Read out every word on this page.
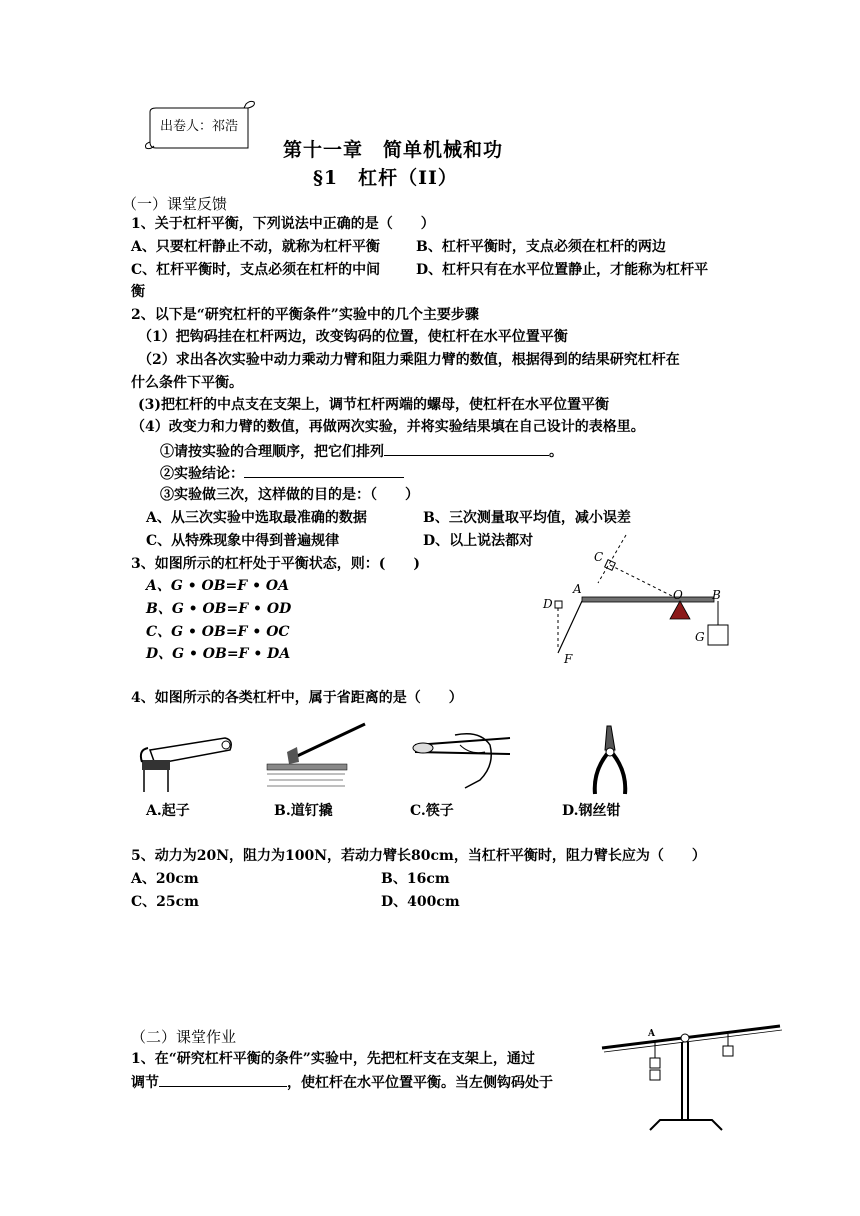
出卷人：祁浩
第十一章　简单机械和功
§1　杠杆（II）
（一）课堂反馈
1、关于杠杆平衡，下列说法中正确的是（　　）
A、只要杠杆静止不动，就称为杠杆平衡	B、杠杆平衡时，支点必须在杠杆的两边
C、杠杆平衡时，支点必须在杠杆的中间	D、杠杆只有在水平位置静止，才能称为杠杆平
衡
2、以下是“研究杠杆的平衡条件”实验中的几个主要步骤
（1）把钩码挂在杠杆两边，改变钩码的位置，使杠杆在水平位置平衡
（2）求出各次实验中动力乘动力臂和阻力乘阻力臂的数值，根据得到的结果研究杠杆在
什么条件下平衡。
(3)把杠杆的中点支在支架上，调节杠杆两端的螺母，使杠杆在水平位置平衡
（4）改变力和力臂的数值，再做两次实验，并将实验结果填在自己设计的表格里。
①请按实验的合理顺序，把它们排列	。
②实验结论：
③实验做三次，这样做的目的是：（　　）
A、从三次实验中选取最准确的数据	B、三次测量取平均值，减小误差
C、从特殊现象中得到普遍规律	D、以上说法都对
3、如图所示的杠杆处于平衡状态，则：(　　)
A、G • OB=F • OA
B、G • OB=F • OD
C、G • OB=F • OC
D、G • OB=F • DA
C
A
D
O B
G
F
4、如图所示的各类杠杆中，属于省距离的是（　　）
A.起子	B.道钉撬	C.筷子	D.钢丝钳
5、动力为20N，阻力为100N，若动力臂长80cm，当杠杆平衡时，阻力臂长应为（　　）
A、20cm	B、16cm
C、25cm	D、400cm
（二）课堂作业
1、在“研究杠杆平衡的条件”实验中，先把杠杆支在支架上，通过
调节	，使杠杆在水平位置平衡。当左侧钩码处于
A
